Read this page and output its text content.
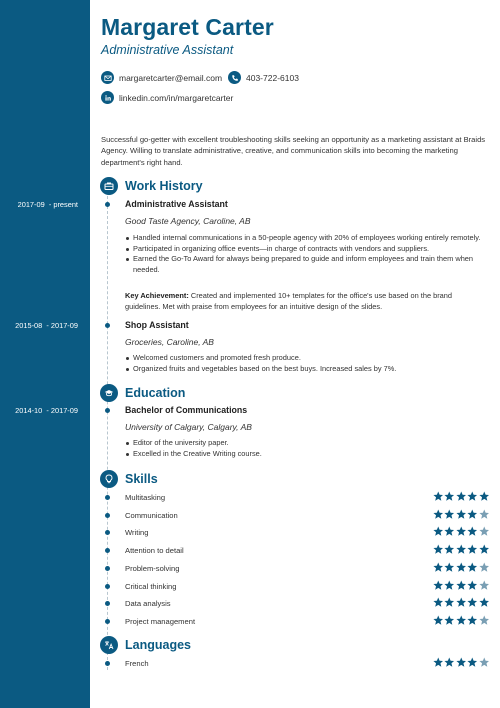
Margaret Carter
Administrative Assistant
margaretcarter@email.com	403-722-6103
linkedin.com/in/margaretcarter
Successful go-getter with excellent troubleshooting skills seeking an opportunity as a marketing assistant at Braids Agency. Willing to translate administrative, creative, and communication skills into becoming the marketing department's right hand.
Work History
2017-09  - present	Administrative Assistant
Good Taste Agency, Caroline, AB
Handled internal communications in a 50-people agency with 20% of employees working entirely remotely.
Participated in organizing office events—in charge of contracts with vendors and suppliers.
Earned the Go-To Award for always being prepared to guide and inform employees and train them when needed.
Key Achievement: Created and implemented 10+ templates for the office's use based on the brand guidelines. Met with praise from employees for an intuitive design of the slides.
2015-08  - 2017-09	Shop Assistant
Groceries, Caroline, AB
Welcomed customers and promoted fresh produce.
Organized fruits and vegetables based on the best buys. Increased sales by 7%.
Education
2014-10  - 2017-09	Bachelor of Communications
University of Calgary, Calgary, AB
Editor of the university paper.
Excelled in the Creative Writing course.
Skills
Multitasking
Communication
Writing
Attention to detail
Problem-solving
Critical thinking
Data analysis
Project management
Languages
French
